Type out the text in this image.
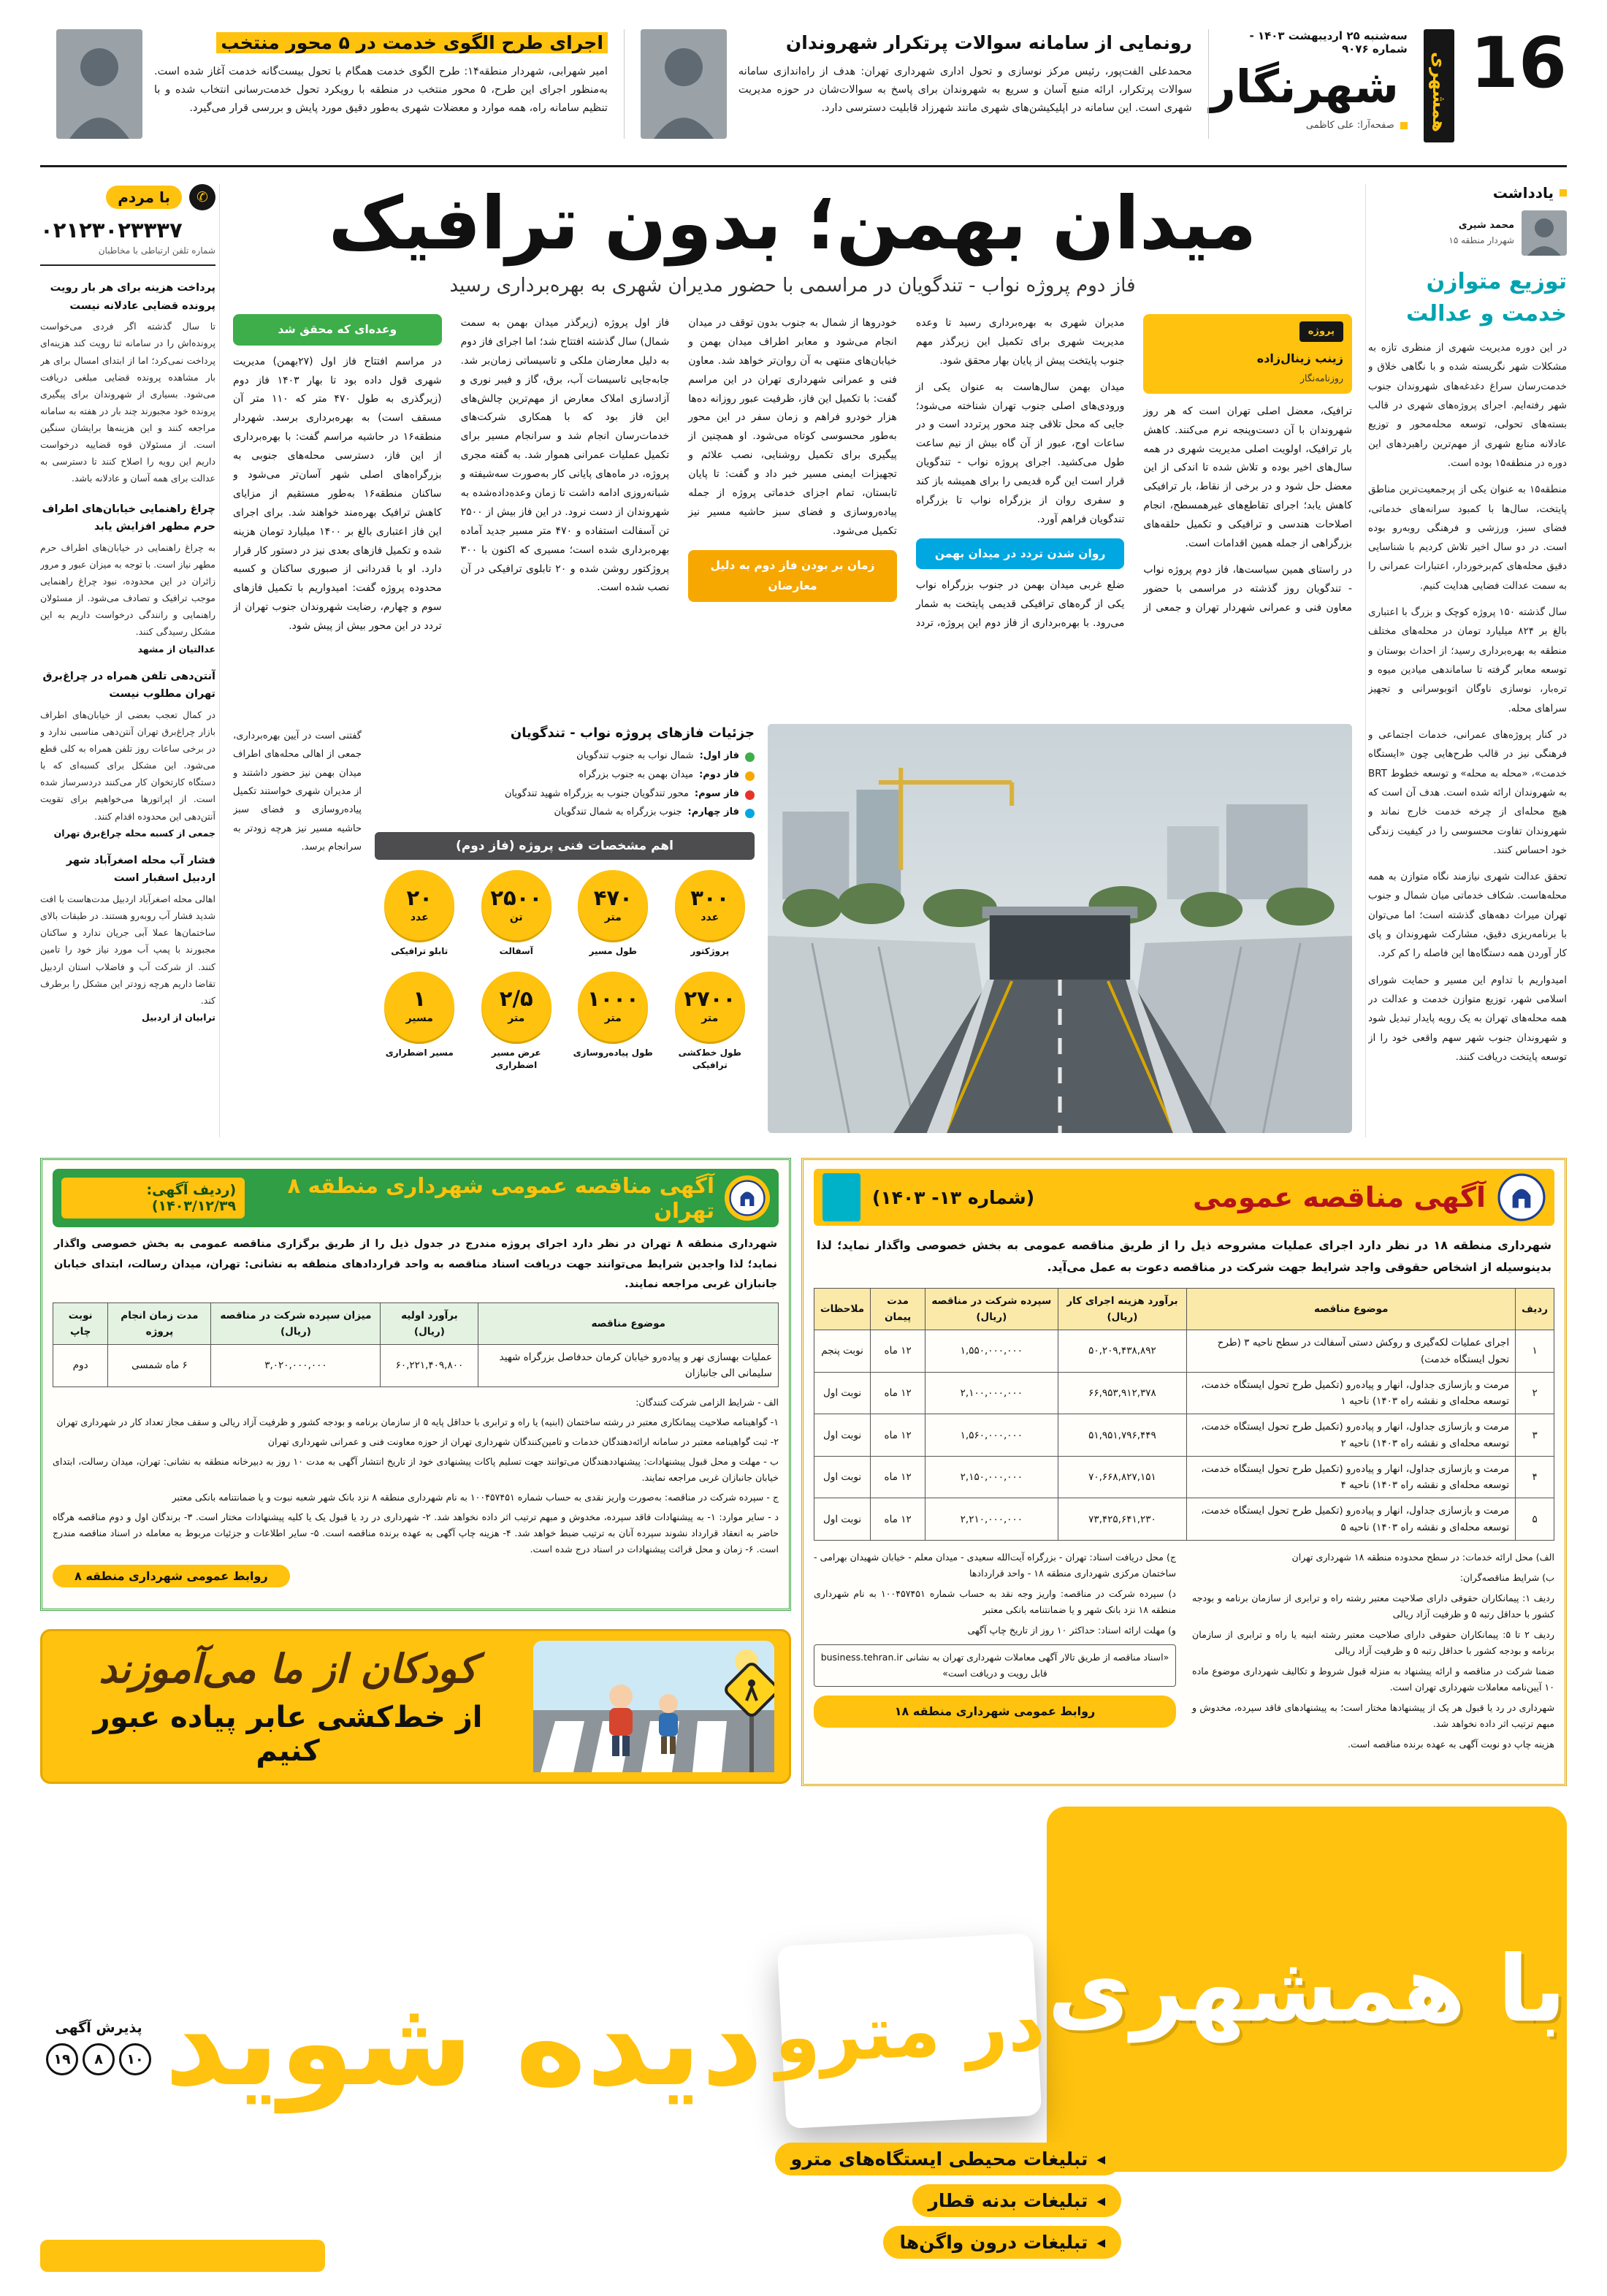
16
همشهری
سه‌شنبه ۲۵ اردیبهشت ۱۴۰۳ - شماره ۹۰۷۶
شهرنگار
صفحه‌آرا: علی کاظمی
رونمایی از سامانه سوالات پرتکرار شهروندان

محمدعلی الفت‌پور، رئیس مرکز نوسازی و تحول اداری شهرداری تهران: هدف از راه‌اندازی سامانه سوالات پرتکرار، ارائه منبع آسان و سریع به شهروندان برای پاسخ به سوالات‌شان در حوزه مدیریت شهری است. این سامانه در اپلیکیشن‌های شهری مانند شهرزاد قابلیت دسترسی دارد.

اجرای طرح الگوی خدمت در ۵ محور منتخب

امیر شهرابی، شهردار منطقه۱۴: طرح الگوی خدمت همگام با تحول بیست‌گانه خدمت آغاز شده است. به‌منظور اجرای این طرح، ۵ محور منتخب در منطقه با رویکرد تحول خدمت‌رسانی انتخاب شده و با تنظیم سامانه راه، همه موارد و معضلات شهری به‌طور دقیق مورد پایش و بررسی قرار می‌گیرد.

یادداشت
محمد شیری
شهردار منطقه ۱۵
توزیع متوازن خدمت و عدالت

در این دوره مدیریت شهری از منظری تازه به مشکلات شهر نگریسته شده و با نگاهی خلاق و خدمت‌رسان سراغ دغدغه‌های شهروندان جنوب شهر رفته‌ایم. اجرای پروژه‌های شهری در قالب بسته‌های تحولی، توسعه محله‌محور و توزیع عادلانه منابع شهری از مهم‌ترین راهبردهای این دوره در منطقه۱۵ بوده است.

منطقه۱۵ به عنوان یکی از پرجمعیت‌ترین مناطق پایتخت، سال‌ها با کمبود سرانه‌های خدماتی، فضای سبز، ورزشی و فرهنگی روبه‌رو بوده است. در دو سال اخیر تلاش کردیم با شناسایی دقیق محله‌های کم‌برخوردار، اعتبارات عمرانی را به سمت عدالت فضایی هدایت کنیم.

سال گذشته ۱۵۰ پروژه کوچک و بزرگ با اعتباری بالغ بر ۸۲۴ میلیارد تومان در محله‌های مختلف منطقه به بهره‌برداری رسید؛ از احداث بوستان و توسعه معابر گرفته تا ساماندهی میادین میوه و تره‌بار، نوسازی ناوگان اتوبوسرانی و تجهیز سراهای محله.

در کنار پروژه‌های عمرانی، خدمات اجتماعی و فرهنگی نیز در قالب طرح‌هایی چون «ایستگاه خدمت»، «محله به محله» و توسعه خطوط BRT به شهروندان ارائه شده است. هدف آن است که هیچ محله‌ای از چرخه خدمت خارج نماند و شهروندان تفاوت محسوسی را در کیفیت زندگی خود احساس کنند.

تحقق عدالت شهری نیازمند نگاه متوازن به همه محله‌هاست. شکاف خدماتی میان شمال و جنوب تهران میراث دهه‌های گذشته است؛ اما می‌توان با برنامه‌ریزی دقیق، مشارکت شهروندان و پای کار آوردن همه دستگاه‌ها این فاصله را کم کرد.

امیدواریم با تداوم این مسیر و حمایت شورای اسلامی شهر، توزیع متوازن خدمت و عدالت در همه محله‌های تهران به یک رویه پایدار تبدیل شود و شهروندان جنوب شهر سهم واقعی خود را از توسعه پایتخت دریافت کنند.

✆
با مردم
۰۲۱۲۳۰۲۳۳۳۷
شماره تلفن ارتباطی با مخاطبان
پرداخت هزینه برای هر بار رویت پرونده قضایی عادلانه نیست

تا سال گذشته اگر فردی می‌خواست پرونده‌اش را در سامانه ثنا رویت کند هزینه‌ای پرداخت نمی‌کرد؛ اما از ابتدای امسال برای هر بار مشاهده پرونده قضایی مبلغی دریافت می‌شود. بسیاری از شهروندان برای پیگیری پرونده خود مجبورند چند بار در هفته به سامانه مراجعه کنند و این هزینه‌ها برایشان سنگین است. از مسئولان قوه قضاییه درخواست داریم این رویه را اصلاح کنند تا دسترسی به عدالت برای همه آسان و عادلانه باشد.

چراغ راهنمایی خیابان‌های اطراف حرم مطهر افزایش یابد

به چراغ راهنمایی در خیابان‌های اطراف حرم مطهر نیاز است. با توجه به میزان عبور و مرور زائران در این محدوده، نبود چراغ راهنمایی موجب ترافیک و تصادف می‌شود. از مسئولان راهنمایی و رانندگی درخواست داریم به این مشکل رسیدگی کنند.

عدالتیان از مشهد
آنتن‌دهی تلفن همراه در چراغ‌برق تهران مطلوب نیست

در کمال تعجب بعضی از خیابان‌های اطراف بازار چراغ‌برق تهران آنتن‌دهی مناسبی ندارد و در برخی ساعات روز تلفن همراه به کلی قطع می‌شود. این مشکل برای کسبه‌ای که با دستگاه کارتخوان کار می‌کنند دردسرساز شده است. از اپراتورها می‌خواهیم برای تقویت آنتن‌دهی این محدوده اقدام کنند.

جمعی از کسبه محله چراغ‌برق تهران
فشار آب محله اصغرآباد شهر اردبیل اسفبار است

اهالی محله اصغرآباد اردبیل مدت‌هاست با افت شدید فشار آب روبه‌رو هستند. در طبقات بالای ساختمان‌ها عملا آبی جریان ندارد و ساکنان مجبورند با پمپ آب مورد نیاز خود را تامین کنند. از شرکت آب و فاضلاب استان اردبیل تقاضا داریم هرچه زودتر این مشکل را برطرف کند.

ترابیان از اردبیل
میدان بهمن؛ بدون ترافیک
فاز دوم پروژه نواب - تندگویان در مراسمی با حضور مدیران شهری به بهره‌برداری رسید
پروژه
زینب زینال‌زاده
روزنامه‌نگار

ترافیک، معضل اصلی تهران است که هر روز شهروندان با آن دست‌وپنجه نرم می‌کنند. کاهش بار ترافیک، اولویت اصلی مدیریت شهری در همه سال‌های اخیر بوده و تلاش شده تا اندکی از این معضل حل شود و در برخی از نقاط، بار ترافیکی کاهش یابد؛ اجرای تقاطع‌های غیرهمسطح، انجام اصلاحات هندسی و ترافیکی و تکمیل حلقه‌های بزرگراهی از جمله همین اقدامات است.

در راستای همین سیاست‌ها، فاز دوم پروژه نواب - تندگویان روز گذشته در مراسمی با حضور معاون فنی و عمرانی شهردار تهران و جمعی از مدیران شهری به بهره‌برداری رسید تا وعده مدیریت شهری برای تکمیل این زیرگذر مهم جنوب پایتخت پیش از پایان بهار محقق شود.

میدان بهمن سال‌هاست به عنوان یکی از ورودی‌های اصلی جنوب تهران شناخته می‌شود؛ جایی که محل تلاقی چند محور پرتردد است و در ساعات اوج، عبور از آن گاه بیش از نیم ساعت طول می‌کشید. اجرای پروژه نواب - تندگویان قرار است این گره قدیمی را برای همیشه باز کند و سفری روان از بزرگراه نواب تا بزرگراه تندگویان فراهم آورد.

روان شدن تردد در میدان بهمن

ضلع غربی میدان بهمن در جنوب بزرگراه نواب یکی از گره‌های ترافیکی قدیمی پایتخت به شمار می‌رود. با بهره‌برداری از فاز دوم این پروژه، تردد خودروها از شمال به جنوب بدون توقف در میدان انجام می‌شود و معابر اطراف میدان بهمن و خیابان‌های منتهی به آن روان‌تر خواهد شد. معاون فنی و عمرانی شهرداری تهران در این مراسم گفت: با تکمیل این فاز، ظرفیت عبور روزانه ده‌ها هزار خودرو فراهم و زمان سفر در این محور به‌طور محسوسی کوتاه می‌شود. او همچنین از پیگیری برای تکمیل روشنایی، نصب علائم و تجهیزات ایمنی مسیر خبر داد و گفت: تا پایان تابستان، تمام اجزای خدماتی پروژه از جمله پیاده‌روسازی و فضای سبز حاشیه مسیر نیز تکمیل می‌شود.

زمان بر بودن فاز دوم به دلیل معارضان

فاز اول پروژه (زیرگذر میدان بهمن به سمت شمال) سال گذشته افتتاح شد؛ اما اجرای فاز دوم به دلیل معارضان ملکی و تاسیساتی زمان‌بر شد. جابه‌جایی تاسیسات آب، برق، گاز و فیبر نوری و آزادسازی املاک معارض از مهم‌ترین چالش‌های این فاز بود که با همکاری شرکت‌های خدمات‌رسان انجام شد و سرانجام مسیر برای تکمیل عملیات عمرانی هموار شد. به گفته مجری پروژه، در ماه‌های پایانی کار به‌صورت سه‌شیفته و شبانه‌روزی ادامه داشت تا زمان وعده‌داده‌شده به شهروندان از دست نرود. در این فاز بیش از ۲۵۰۰ تن آسفالت استفاده و ۴۷۰ متر مسیر جدید آماده بهره‌برداری شده است؛ مسیری که اکنون با ۳۰۰ پروژکتور روشن شده و ۲۰ تابلوی ترافیکی در آن نصب شده است.

وعده‌ای که محقق شد

در مراسم افتتاح فاز اول (۲۷بهمن) مدیریت شهری قول داده بود تا بهار ۱۴۰۳ فاز دوم (زیرگذری به طول ۴۷۰ متر که ۱۱۰ متر آن مسقف است) به بهره‌برداری برسد. شهردار منطقه۱۶ در حاشیه مراسم گفت: با بهره‌برداری از این فاز، دسترسی محله‌های جنوبی به بزرگراه‌های اصلی شهر آسان‌تر می‌شود و ساکنان منطقه۱۶ به‌طور مستقیم از مزایای کاهش ترافیک بهره‌مند خواهند شد. برای اجرای این فاز اعتباری بالغ بر ۱۴۰۰ میلیارد تومان هزینه شده و تکمیل فازهای بعدی نیز در دستور کار قرار دارد. او با قدردانی از صبوری ساکنان و کسبه محدوده پروژه گفت: امیدواریم با تکمیل فازهای سوم و چهارم، رضایت شهروندان جنوب تهران از تردد در این محور بیش از پیش شود.

جزئیات فازهای پروژه نواب - تندگویان
فاز اول:
شمال نواب به جنوب تندگویان
فاز دوم:
میدان بهمن به جنوب بزرگراه
فاز سوم:
محور تندگویان جنوب به بزرگراه شهید تندگویان
فاز چهارم:
جنوب بزرگراه به شمال تندگویان
اهم مشخصات فنی پروژه (فاز دوم)
۳۰۰
عدد
پروژکتور
۴۷۰
متر
طول مسیر
۲۵۰۰
تن
آسفالت
۲۰
عدد
تابلو ترافیکی
۲۷۰۰
متر
طول خط‌کشی ترافیکی
۱۰۰۰
متر
طول پیاده‌روسازی
۲/۵
متر
عرض مسیر اضطراری
۱
مسیر
مسیر اضطراری
گفتنی است در آیین بهره‌برداری، جمعی از اهالی محله‌های اطراف میدان بهمن نیز حضور داشتند و از مدیران شهری خواستند تکمیل پیاده‌روسازی و فضای سبز حاشیه مسیر نیز هرچه زودتر به سرانجام برسد.
آگهی مناقصه عمومی
(شماره ۱۳- ۱۴۰۳)

شهرداری منطقه ۱۸ در نظر دارد اجرای عملیات مشروحه ذیل را از طریق مناقصه عمومی به بخش خصوصی واگذار نماید؛ لذا بدینوسیله از اشخاص حقوقی واجد شرایط جهت شرکت در مناقصه دعوت به عمل می‌آید.

ردیف	موضوع مناقصه	برآورد هزینه اجرای کار (ریال)	سپرده شرکت در مناقصه (ریال)	مدت پیمان	ملاحظات
۱	اجرای عملیات لکه‌گیری و روکش دستی آسفالت در سطح ناحیه ۳ (طرح تحول ایستگاه خدمت)	۵۰,۲۰۹,۴۳۸,۸۹۲	۱,۵۵۰,۰۰۰,۰۰۰	۱۲ ماه	نوبت پنجم
۲	مرمت و بازسازی جداول، انهار و پیاده‌رو (تکمیل طرح تحول ایستگاه خدمت، توسعه محله‌ای و نقشه راه ۱۴۰۳) ناحیه ۱	۶۶,۹۵۳,۹۱۲,۳۷۸	۲,۱۰۰,۰۰۰,۰۰۰	۱۲ ماه	نوبت اول
۳	مرمت و بازسازی جداول، انهار و پیاده‌رو (تکمیل طرح تحول ایستگاه خدمت، توسعه محله‌ای و نقشه راه ۱۴۰۳) ناحیه ۲	۵۱,۹۵۱,۷۹۶,۴۴۹	۱,۵۶۰,۰۰۰,۰۰۰	۱۲ ماه	نوبت اول
۴	مرمت و بازسازی جداول، انهار و پیاده‌رو (تکمیل طرح تحول ایستگاه خدمت، توسعه محله‌ای و نقشه راه ۱۴۰۳) ناحیه ۴	۷۰,۶۶۸,۸۲۷,۱۵۱	۲,۱۵۰,۰۰۰,۰۰۰	۱۲ ماه	نوبت اول
۵	مرمت و بازسازی جداول، انهار و پیاده‌رو (تکمیل طرح تحول ایستگاه خدمت، توسعه محله‌ای و نقشه راه ۱۴۰۳) ناحیه ۵	۷۳,۴۲۵,۶۴۱,۲۳۰	۲,۲۱۰,۰۰۰,۰۰۰	۱۲ ماه	نوبت اول

الف) محل ارائه خدمات: در سطح محدوده منطقه ۱۸ شهرداری تهران

ب) شرایط مناقصه‌گران:

ردیف ۱: پیمانکاران حقوقی دارای صلاحیت معتبر رشته راه و ترابری از سازمان برنامه و بودجه کشور با حداقل رتبه ۵ و ظرفیت آزاد ریالی

ردیف ۲ تا ۵: پیمانکاران حقوقی دارای صلاحیت معتبر رشته ابنیه یا راه و ترابری از سازمان برنامه و بودجه کشور با حداقل رتبه ۵ و ظرفیت آزاد ریالی

ضمنا شرکت در مناقصه و ارائه پیشنهاد به منزله قبول شروط و تکالیف شهرداری موضوع ماده ۱۰ آیین‌نامه معاملات شهرداری تهران است.

شهرداری در رد یا قبول هر یک از پیشنهادها مختار است؛ به پیشنهادهای فاقد سپرده، مخدوش و مبهم ترتیب اثر داده نخواهد شد.

هزینه چاپ دو نوبت آگهی به عهده برنده مناقصه است.

ج) محل دریافت اسناد: تهران - بزرگراه آیت‌الله سعیدی - میدان معلم - خیابان شهیدان بهرامی - ساختمان مرکزی شهرداری منطقه ۱۸ - واحد قراردادها

د) سپرده شرکت در مناقصه: واریز وجه نقد به حساب شماره ۱۰۰۴۵۷۴۵۱ به نام شهرداری منطقه ۱۸ نزد بانک شهر و یا ضمانتنامه بانکی معتبر

و) مهلت ارائه اسناد: حداکثر ۱۰ روز از تاریخ چاپ آگهی

«اسناد مناقصه از طریق تالار آگهی معاملات شهرداری تهران به نشانی business.tehran.ir قابل رویت و دریافت است»
روابط عمومی شهرداری منطقه ۱۸
آگهی مناقصه عمومی شهرداری منطقه ۸ تهران
(ردیف آگهی: ۱۴۰۳/۱۲/۳۹)

شهرداری منطقه ۸ تهران در نظر دارد اجرای پروژه مندرج در جدول ذیل را از طریق برگزاری مناقصه عمومی به بخش خصوصی واگذار نماید؛ لذا واجدین شرایط می‌توانند جهت دریافت اسناد مناقصه به واحد قراردادهای منطقه به نشانی: تهران، میدان رسالت، ابتدای خیابان جانبازان غربی مراجعه نمایند.

موضوع مناقصه	برآورد اولیه (ریال)	میزان سپرده شرکت در مناقصه (ریال)	مدت زمان انجام پروژه	نوبت چاپ
عملیات بهسازی نهر و پیاده‌رو خیابان کرمان حدفاصل بزرگراه شهید سلیمانی الی جانبازان	۶۰,۲۲۱,۴۰۹,۸۰۰	۳,۰۲۰,۰۰۰,۰۰۰	۶ ماه شمسی	دوم

الف - شرایط الزامی شرکت کنندگان:

۱- گواهینامه صلاحیت پیمانکاری معتبر در رشته ساختمان (ابنیه) یا راه و ترابری با حداقل پایه ۵ از سازمان برنامه و بودجه کشور و ظرفیت آزاد ریالی و سقف مجاز تعداد کار در شهرداری تهران

۲- ثبت گواهینامه معتبر در سامانه ارائه‌دهندگان خدمات و تامین‌کنندگان شهرداری تهران از حوزه معاونت فنی و عمرانی شهرداری تهران

ب - مهلت و محل قبول پیشنهادات: پیشنهاددهندگان می‌توانند جهت تسلیم پاکات پیشنهادی خود از تاریخ انتشار آگهی به مدت ۱۰ روز به دبیرخانه منطقه به نشانی: تهران، میدان رسالت، ابتدای خیابان جانبازان غربی مراجعه نمایند.

ج - سپرده شرکت در مناقصه: به‌صورت واریز نقدی به حساب شماره ۱۰۰۴۵۷۴۵۱ به نام شهرداری منطقه ۸ نزد بانک شهر شعبه نبوت و یا ضمانتنامه بانکی معتبر

د - سایر موارد: ۱- به پیشنهادات فاقد سپرده، مخدوش و مبهم ترتیب اثر داده نخواهد شد. ۲- شهرداری در رد یا قبول یک یا کلیه پیشنهادات مختار است. ۳- برندگان اول و دوم مناقصه هرگاه حاضر به انعقاد قرارداد نشوند سپرده آنان به ترتیب ضبط خواهد شد. ۴- هزینه چاپ آگهی به عهده برنده مناقصه است. ۵- سایر اطلاعات و جزئیات مربوط به معامله در اسناد مناقصه مندرج است. ۶- زمان و محل قرائت پیشنهادات در اسناد درج شده است.

روابط عمومی شهرداری منطقه ۸
کودکان از ما می‌آموزند
از خط‌کشی عابر پیاده عبور کنیم
با همشهری
در مترو
دیده شوید
پذیرش آگهی
۱۰
۸
۱۹
◀
تبلیغات محیطی ایستگاه‌های مترو
◀
تبلیغات بدنه قطار
◀
تبلیغات درون واگن‌ها
